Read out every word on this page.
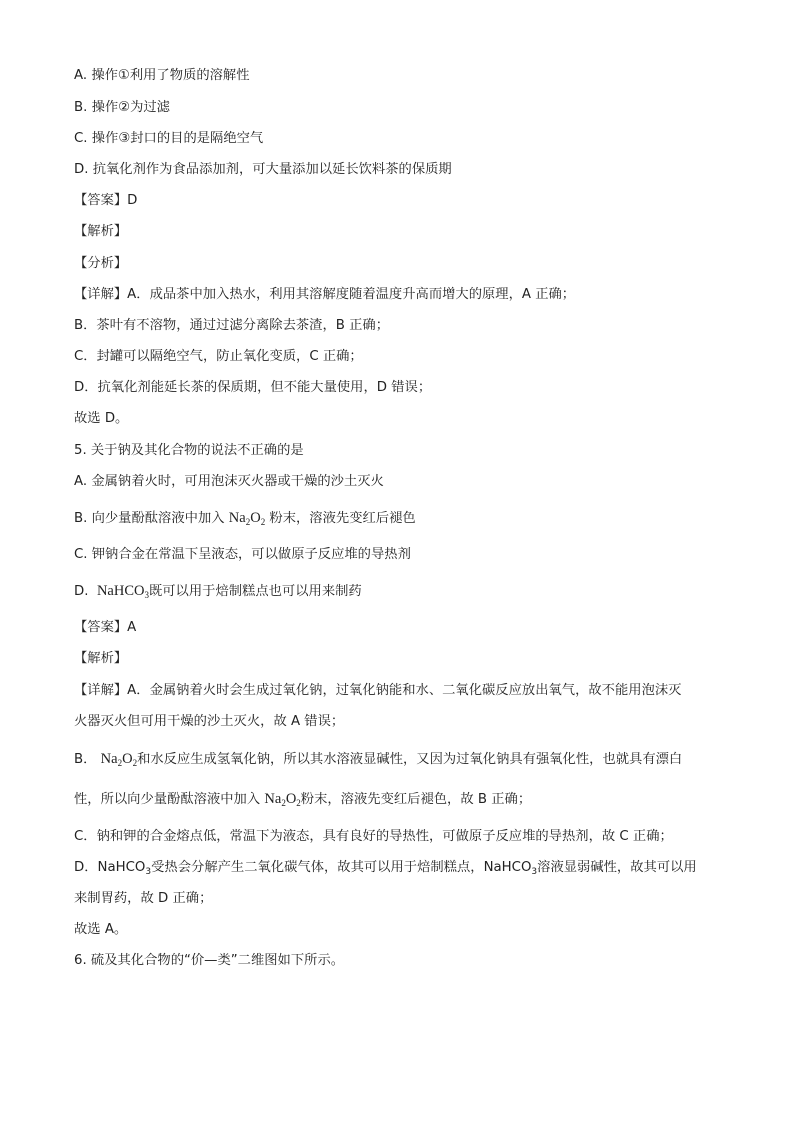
A. 操作①利用了物质的溶解性
B. 操作②为过滤
C. 操作③封口的目的是隔绝空气
D. 抗氧化剂作为食品添加剂，可大量添加以延长饮料茶的保质期
【答案】D
【解析】
【分析】
【详解】A．成品茶中加入热水，利用其溶解度随着温度升高而增大的原理，A 正确；
B．茶叶有不溶物，通过过滤分离除去茶渣，B 正确；
C．封罐可以隔绝空气，防止氧化变质，C 正确；
D．抗氧化剂能延长茶的保质期，但不能大量使用，D 错误；
故选 D。
5. 关于钠及其化合物的说法不正确的是
A. 金属钠着火时，可用泡沫灭火器或干燥的沙土灭火
B. 向少量酚酞溶液中加入 $Na_2O_2$ 粉末，溶液先变红后褪色
C. 钾钠合金在常温下呈液态，可以做原子反应堆的导热剂
D. NaHCO$_3$既可以用于焙制糕点也可以用来制药
【答案】A
【解析】
【详解】A．金属钠着火时会生成过氧化钠，过氧化钠能和水、二氧化碳反应放出氧气，故不能用泡沫灭
火器灭火但可用干燥的沙土灭火，故 A 错误；
B． $Na_2O_2$和水反应生成氢氧化钠，所以其水溶液显碱性，又因为过氧化钠具有强氧化性，也就具有漂白
性，所以向少量酚酞溶液中加入 $Na_2O_2$粉末，溶液先变红后褪色，故 B 正确；
C．钠和钾的合金熔点低，常温下为液态，具有良好的导热性，可做原子反应堆的导热剂，故 C 正确；
D．NaHCO$_3$受热会分解产生二氧化碳气体，故其可以用于焙制糕点，NaHCO$_3$溶液显弱碱性，故其可以用
来制胃药，故 D 正确；
故选 A。
6. 硫及其化合物的“价—类”二维图如下所示。
